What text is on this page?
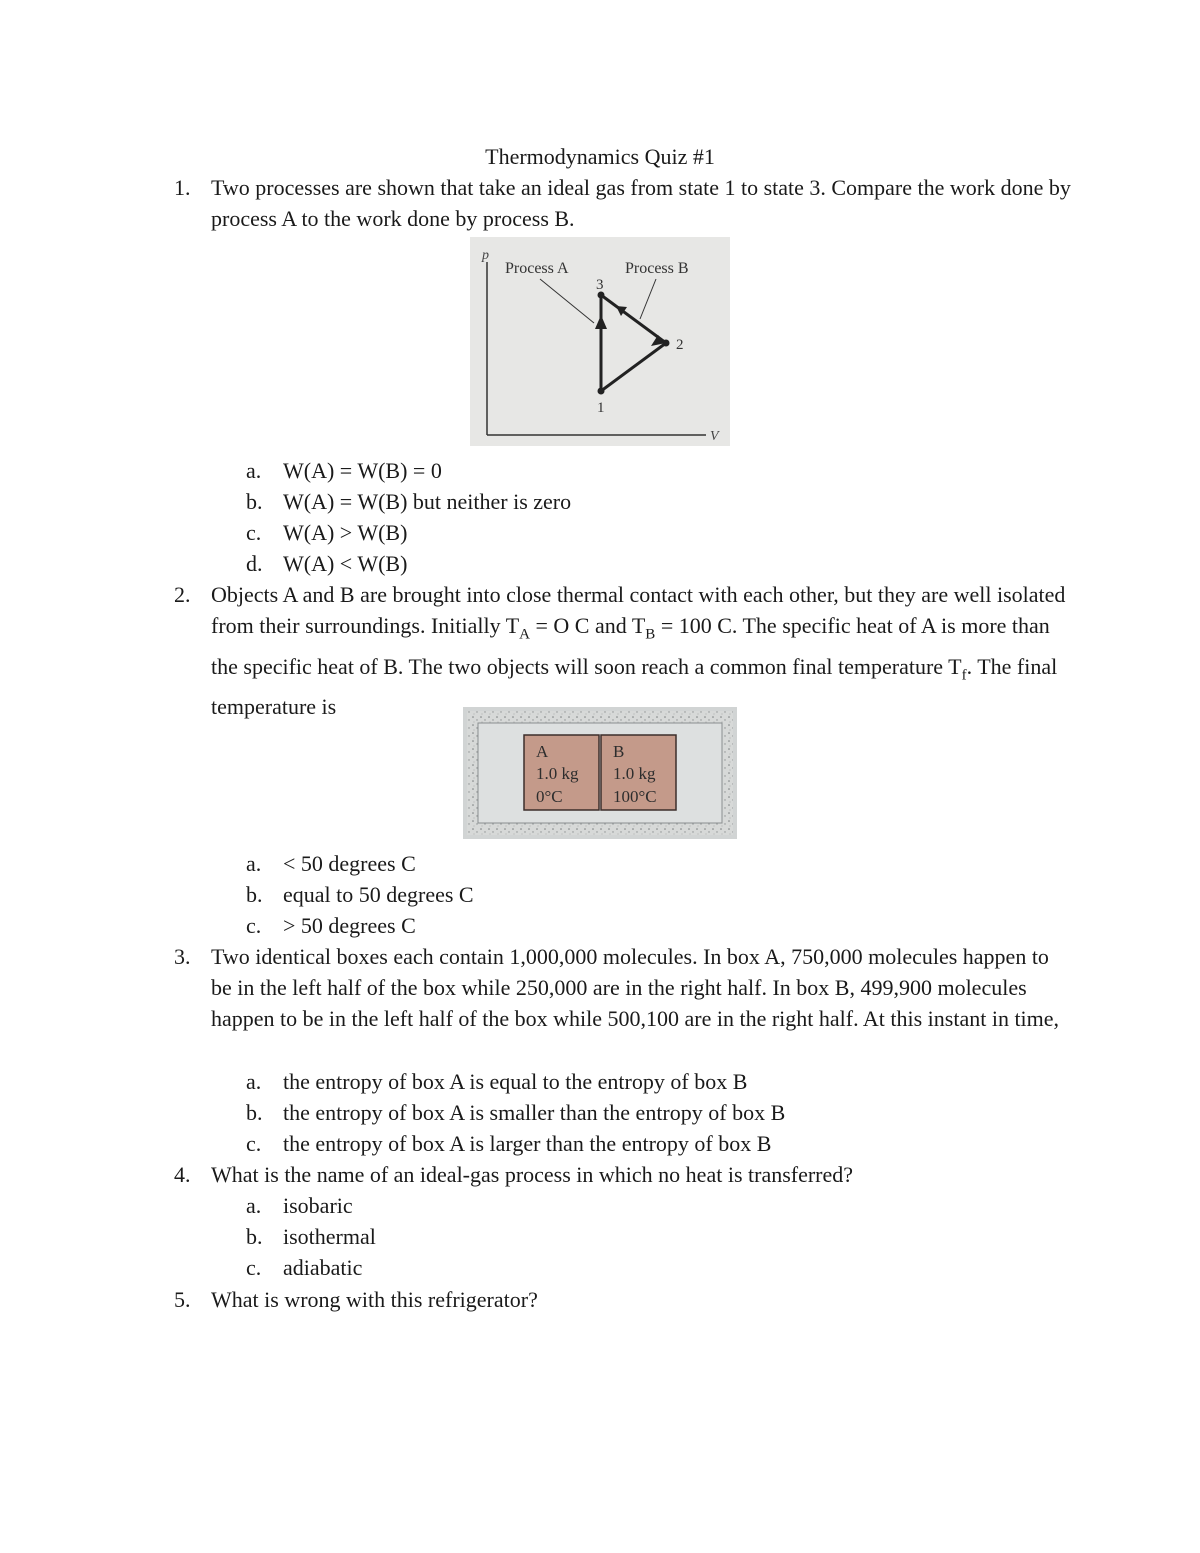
Thermodynamics Quiz #1
1. Two processes are shown that take an ideal gas from state 1 to state 3. Compare the work done by process A to the work done by process B.
p
V
Process A	Process B
1
2
3
a. W(A) = W(B) = 0
b. W(A) = W(B) but neither is zero
c. W(A) > W(B)
d. W(A) < W(B)
2. Objects A and B are brought into close thermal contact with each other, but they are well isolated from their surroundings. Initially $T_A = O$ C and $T_B = 100$ C. The specific heat of A is more than the specific heat of B. The two objects will soon reach a common final temperature $T_f$. The final temperature is
A
1.0 kg
0°C
B
1.0 kg
100°C
a. < 50 degrees C
b. equal to 50 degrees C
c. > 50 degrees C
3. Two identical boxes each contain 1,000,000 molecules. In box A, 750,000 molecules happen to be in the left half of the box while 250,000 are in the right half. In box B, 499,900 molecules happen to be in the left half of the box while 500,100 are in the right half. At this instant in time,
a. the entropy of box A is equal to the entropy of box B
b. the entropy of box A is smaller than the entropy of box B
c. the entropy of box A is larger than the entropy of box B
4. What is the name of an ideal-gas process in which no heat is transferred?
a. isobaric
b. isothermal
c. adiabatic
5. What is wrong with this refrigerator?
